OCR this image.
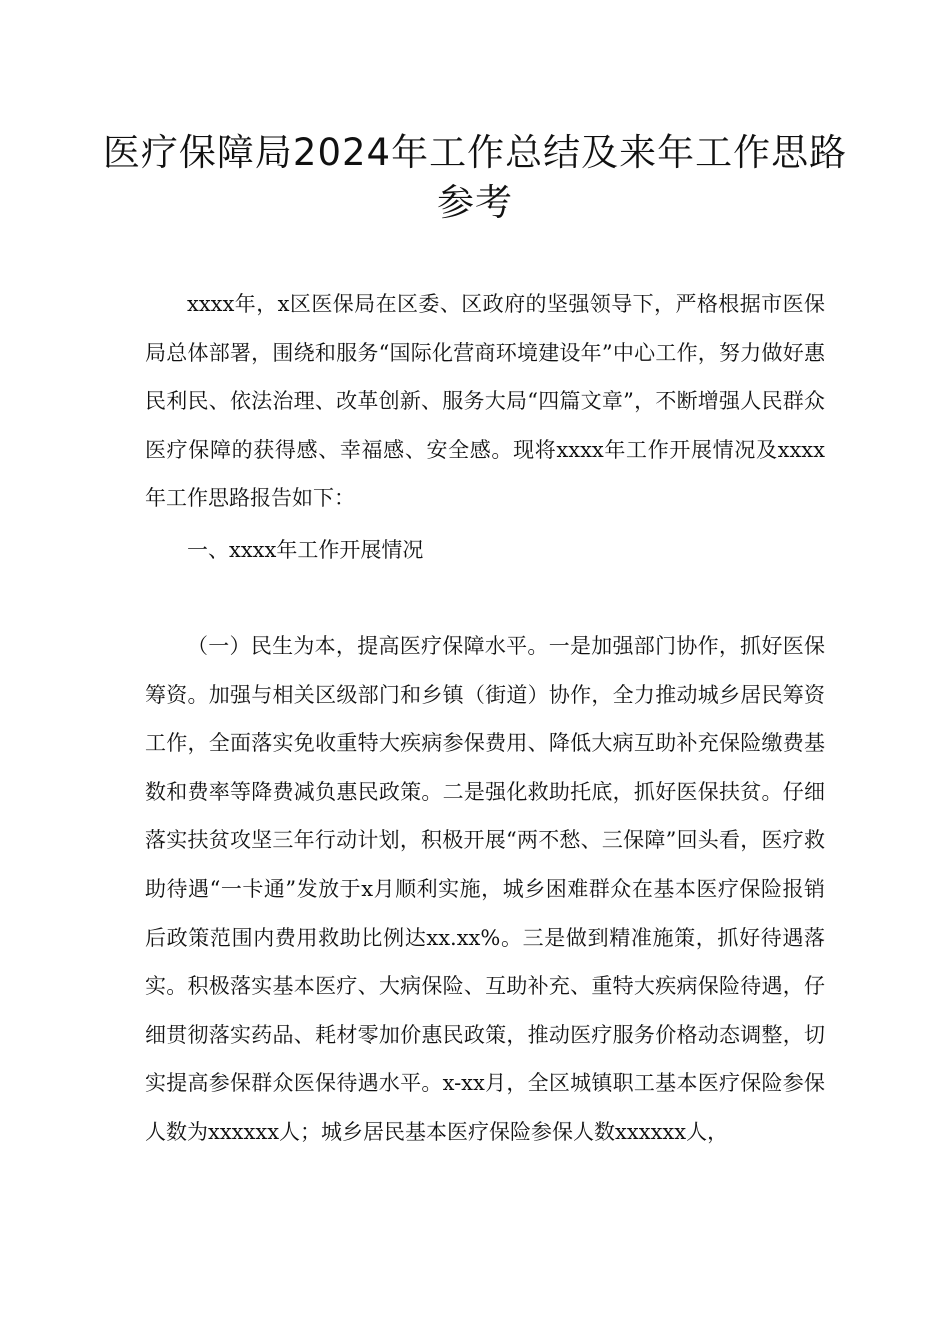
医疗保障局2024年工作总结及来年工作思路参考

xxxx年，x区医保局在区委、区政府的坚强领导下，严格根据市医保局总体部署，围绕和服务“国际化营商环境建设年”中心工作，努力做好惠民利民、依法治理、改革创新、服务大局“四篇文章”，不断增强人民群众医疗保障的获得感、幸福感、安全感。现将xxxx年工作开展情况及xxxx年工作思路报告如下：

一、xxxx年工作开展情况

（一）民生为本，提高医疗保障水平。一是加强部门协作，抓好医保筹资。加强与相关区级部门和乡镇（街道）协作，全力推动城乡居民筹资工作，全面落实免收重特大疾病参保费用、降低大病互助补充保险缴费基数和费率等降费减负惠民政策。二是强化救助托底，抓好医保扶贫。仔细落实扶贫攻坚三年行动计划，积极开展“两不愁、三保障”回头看，医疗救助待遇“一卡通”发放于x月顺利实施，城乡困难群众在基本医疗保险报销后政策范围内费用救助比例达xx.xx%。三是做到精准施策，抓好待遇落实。积极落实基本医疗、大病保险、互助补充、重特大疾病保险待遇，仔细贯彻落实药品、耗材零加价惠民政策，推动医疗服务价格动态调整，切实提高参保群众医保待遇水平。x-xx月，全区城镇职工基本医疗保险参保人数为xxxxxx人；城乡居民基本医疗保险参保人数xxxxxx人，
